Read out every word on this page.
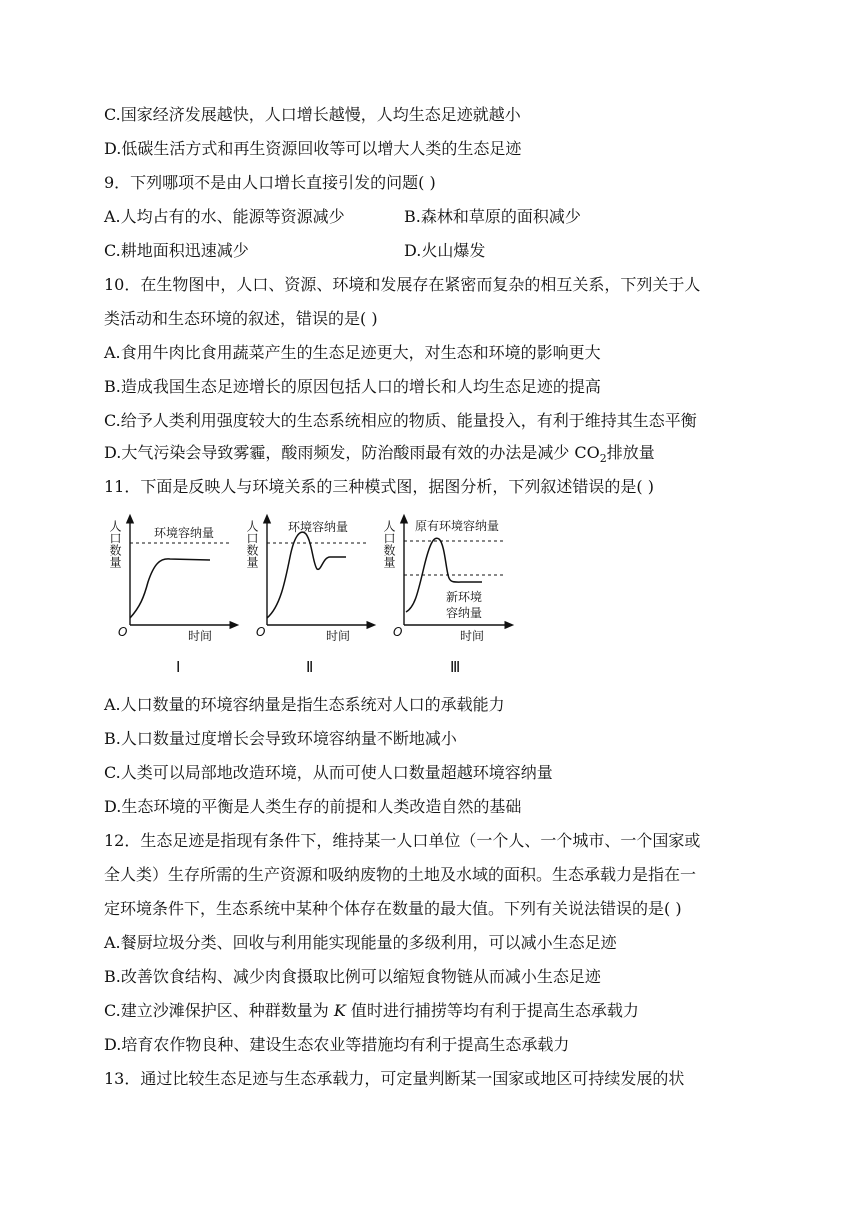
C.国家经济发展越快，人口增长越慢，人均生态足迹就越小
D.低碳生活方式和再生资源回收等可以增大人类的生态足迹
9．下列哪项不是由人口增长直接引发的问题( )
A.人均占有的水、能源等资源减少	B.森林和草原的面积减少
C.耕地面积迅速减少	D.火山爆发
10．在生物图中，人口、资源、环境和发展存在紧密而复杂的相互关系，下列关于人
类活动和生态环境的叙述，错误的是( )
A.食用牛肉比食用蔬菜产生的生态足迹更大，对生态和环境的影响更大
B.造成我国生态足迹增长的原因包括人口的增长和人均生态足迹的提高
C.给予人类利用强度较大的生态系统相应的物质、能量投入，有利于维持其生态平衡
D.大气污染会导致雾霾，酸雨频发，防治酸雨最有效的办法是减少 $CO_2$排放量
11．下面是反映人与环境关系的三种模式图，据图分析，下列叙述错误的是( )
人口数量	环境容纳量
O	时间
Ⅰ
人口数量 环境容纳量
O	时间
Ⅱ
人口数量 原有环境容纳量
新环境
容纳量
O	时间
Ⅲ
A.人口数量的环境容纳量是指生态系统对人口的承载能力
B.人口数量过度增长会导致环境容纳量不断地减小
C.人类可以局部地改造环境，从而可使人口数量超越环境容纳量
D.生态环境的平衡是人类生存的前提和人类改造自然的基础
12．生态足迹是指现有条件下，维持某一人口单位（一个人、一个城市、一个国家或
全人类）生存所需的生产资源和吸纳废物的土地及水域的面积。生态承载力是指在一
定环境条件下，生态系统中某种个体存在数量的最大值。下列有关说法错误的是( )
A.餐厨垃圾分类、回收与利用能实现能量的多级利用，可以减小生态足迹
B.改善饮食结构、减少肉食摄取比例可以缩短食物链从而减小生态足迹
C.建立沙滩保护区、种群数量为 K 值时进行捕捞等均有利于提高生态承载力
D.培育农作物良种、建设生态农业等措施均有利于提高生态承载力
13．通过比较生态足迹与生态承载力，可定量判断某一国家或地区可持续发展的状
